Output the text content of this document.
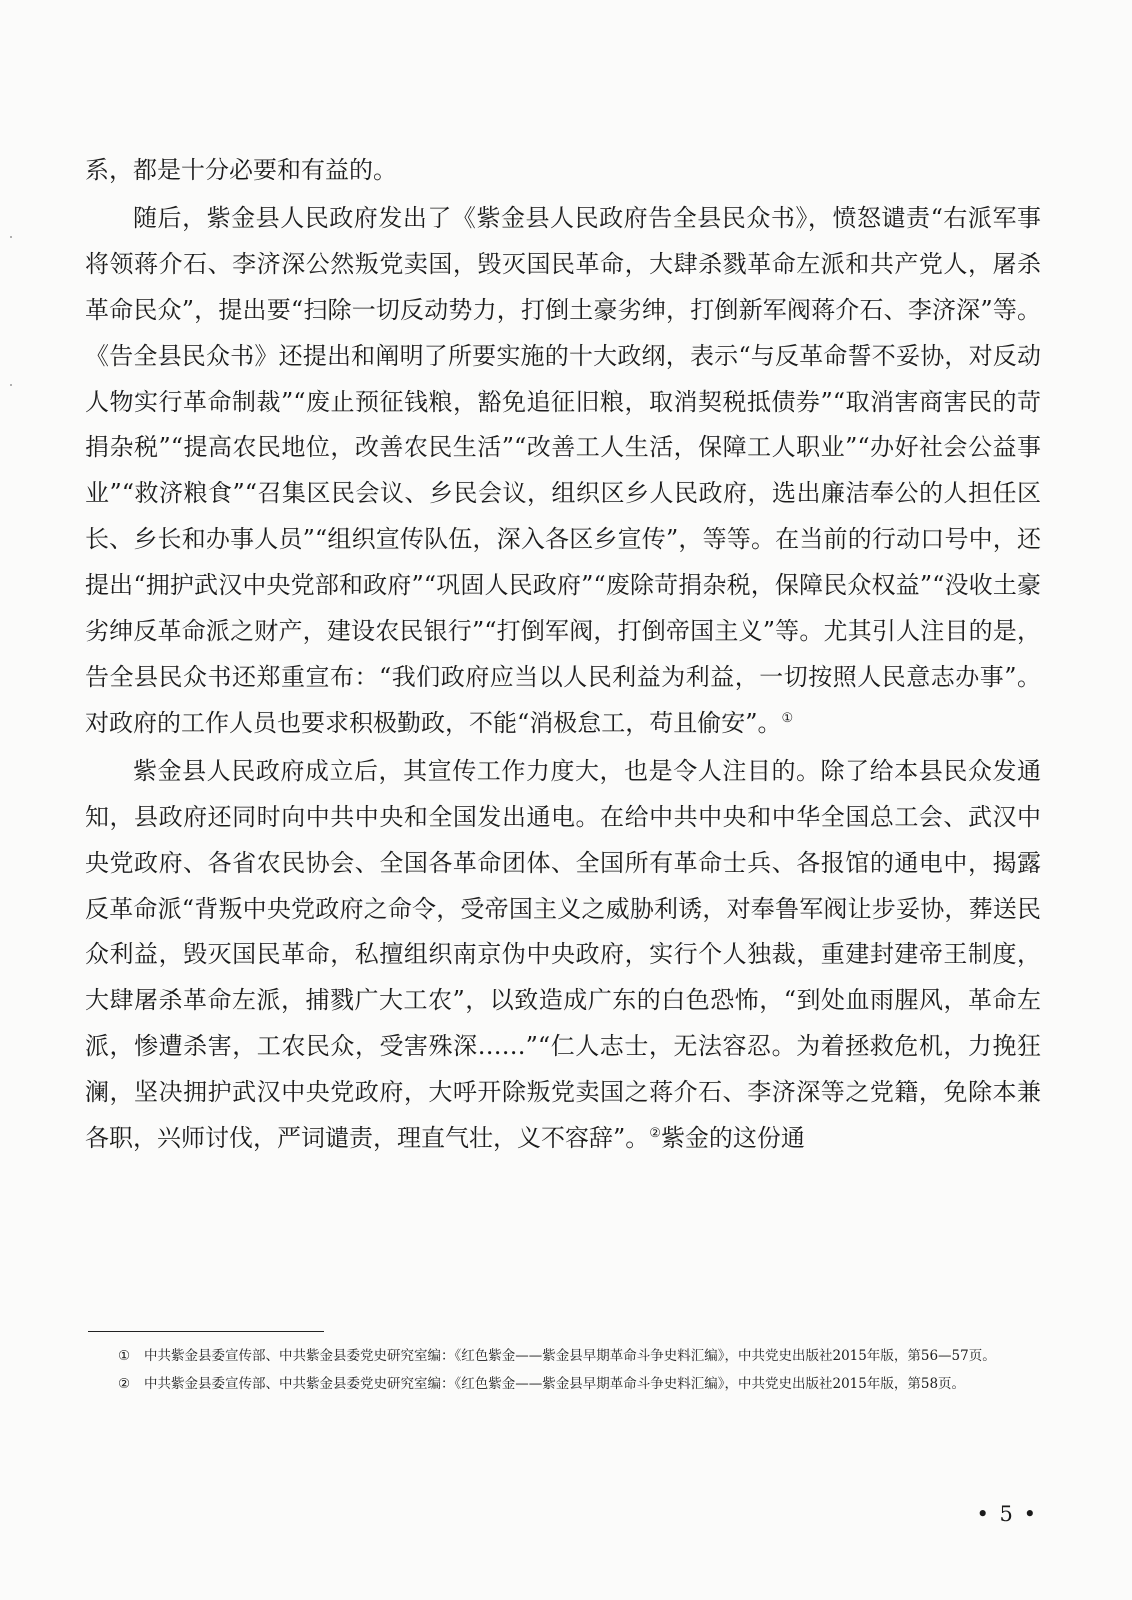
系，都是十分必要和有益的。

随后，紫金县人民政府发出了《紫金县人民政府告全县民众书》，愤怒谴责“右派军事将领蒋介石、李济深公然叛党卖国，毁灭国民革命，大肆杀戮革命左派和共产党人，屠杀革命民众”，提出要“扫除一切反动势力，打倒土豪劣绅，打倒新军阀蒋介石、李济深”等。《告全县民众书》还提出和阐明了所要实施的十大政纲，表示“与反革命誓不妥协，对反动人物实行革命制裁”“废止预征钱粮，豁免追征旧粮，取消契税抵债券”“取消害商害民的苛捐杂税”“提高农民地位，改善农民生活”“改善工人生活，保障工人职业”“办好社会公益事业”“救济粮食”“召集区民会议、乡民会议，组织区乡人民政府，选出廉洁奉公的人担任区长、乡长和办事人员”“组织宣传队伍，深入各区乡宣传”，等等。在当前的行动口号中，还提出“拥护武汉中央党部和政府”“巩固人民政府”“废除苛捐杂税，保障民众权益”“没收土豪劣绅反革命派之财产，建设农民银行”“打倒军阀，打倒帝国主义”等。尤其引人注目的是，告全县民众书还郑重宣布：“我们政府应当以人民利益为利益，一切按照人民意志办事”。对政府的工作人员也要求积极勤政，不能“消极怠工，苟且偷安”。①

紫金县人民政府成立后，其宣传工作力度大，也是令人注目的。除了给本县民众发通知，县政府还同时向中共中央和全国发出通电。在给中共中央和中华全国总工会、武汉中央党政府、各省农民协会、全国各革命团体、全国所有革命士兵、各报馆的通电中，揭露反革命派“背叛中央党政府之命令，受帝国主义之威胁利诱，对奉鲁军阀让步妥协，葬送民众利益，毁灭国民革命，私擅组织南京伪中央政府，实行个人独裁，重建封建帝王制度，大肆屠杀革命左派，捕戮广大工农”，以致造成广东的白色恐怖，“到处血雨腥风，革命左派，惨遭杀害，工农民众，受害殊深……”“仁人志士，无法容忍。为着拯救危机，力挽狂澜，坚决拥护武汉中央党政府，大呼开除叛党卖国之蒋介石、李济深等之党籍，免除本兼各职，兴师讨伐，严词谴责，理直气壮，义不容辞”。②紫金的这份通

① 中共紫金县委宣传部、中共紫金县委党史研究室编：《红色紫金——紫金县早期革命斗争史料汇编》，中共党史出版社2015年版，第56—57页。

② 中共紫金县委宣传部、中共紫金县委党史研究室编：《红色紫金——紫金县早期革命斗争史料汇编》，中共党史出版社2015年版，第58页。

• 5 •
